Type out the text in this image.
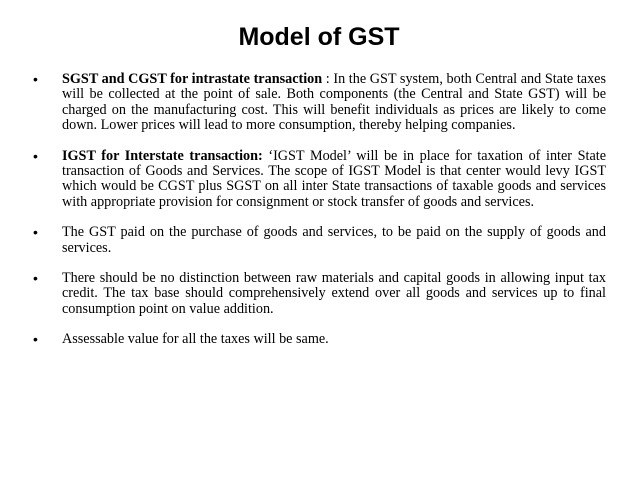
Model of GST
• SGST and CGST for intrastate transaction : In the GST system, both Central and State taxes will be collected at the point of sale. Both components (the Central and State GST) will be charged on the manufacturing cost. This will benefit individuals as prices are likely to come down. Lower prices will lead to more consumption, thereby helping companies.
• IGST for Interstate transaction: ‘IGST Model’ will be in place for taxation of inter State transaction of Goods and Services. The scope of IGST Model is that center would levy IGST which would be CGST plus SGST on all inter State transactions of taxable goods and services with appropriate provision for consignment or stock transfer of goods and services.
• The GST paid on the purchase of goods and services, to be paid on the supply of goods and services.
• There should be no distinction between raw materials and capital goods in allowing input tax credit. The tax base should comprehensively extend over all goods and services up to final consumption point on value addition.
• Assessable value for all the taxes will be same.
